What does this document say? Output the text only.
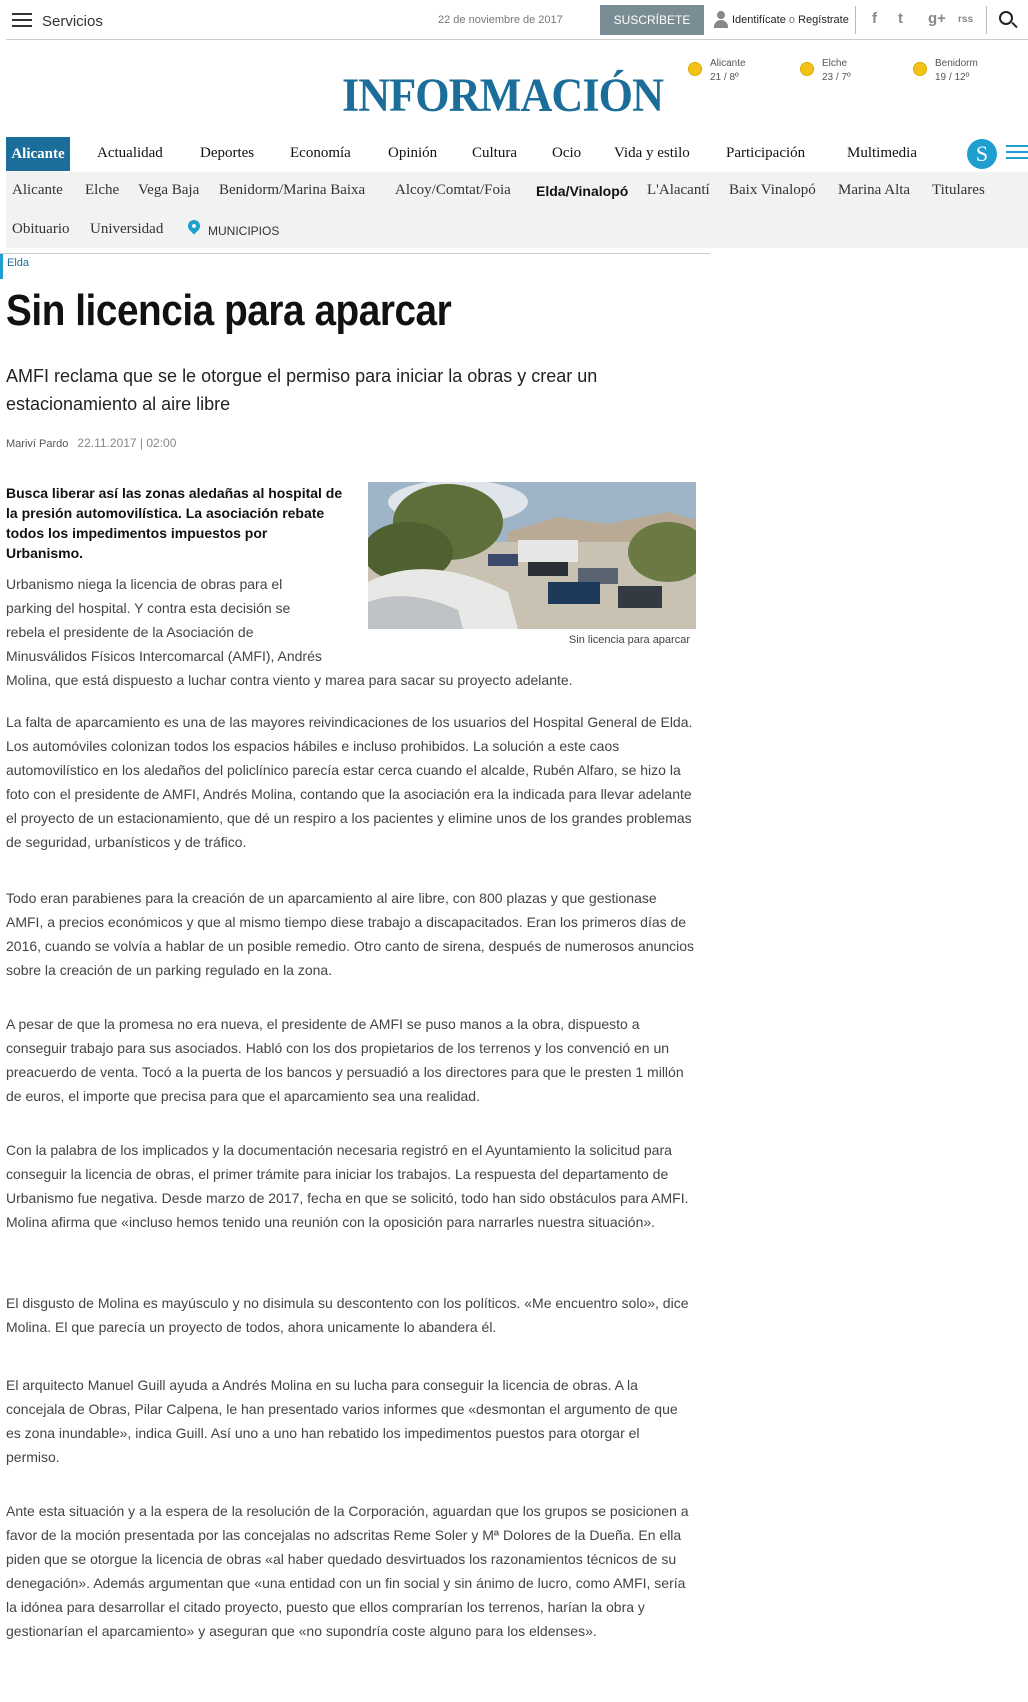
Servicios	22 de noviembre de 2017	SUSCRÍBETE	Identifícate o Regístrate f t g+ rss
INFORMACIÓN
Alicante
21 / 8º
Elche
23 / 7º
Benidorm
19 / 12º
Alicante	Actualidad Deportes Economía Opinión Cultura Ocio Vida y estilo Participación	Multimedia	S
Alicante Elche Vega Baja Benidorm/Marina Baixa Alcoy/Comtat/Foia Elda/Vinalopó L'Alacantí Baix Vinalopó Marina Alta Titulares
Obituario Universidad	MUNICIPIOS
Elda
Sin licencia para aparcar
AMFI reclama que se le otorgue el permiso para iniciar la obras y crear un estacionamiento al aire libre
Mariví Pardo 22.11.2017 | 02:00
Sin licencia para aparcar
Busca liberar así las zonas aledañas al hospital de la presión automovilística. La asociación rebate todos los impedimentos impuestos por Urbanismo.
Urbanismo niega la licencia de obras para el
parking del hospital. Y contra esta decisión se
rebela el presidente de la Asociación de
Minusválidos Físicos Intercomarcal (AMFI), Andrés
Molina, que está dispuesto a luchar contra viento y marea para sacar su proyecto adelante.

La falta de aparcamiento es una de las mayores reivindicaciones de los usuarios del Hospital General de Elda. Los automóviles colonizan todos los espacios hábiles e incluso prohibidos. La solución a este caos automovilístico en los aledaños del policlínico parecía estar cerca cuando el alcalde, Rubén Alfaro, se hizo la foto con el presidente de AMFI, Andrés Molina, contando que la asociación era la indicada para llevar adelante el proyecto de un estacionamiento, que dé un respiro a los pacientes y elimine unos de los grandes problemas de seguridad, urbanísticos y de tráfico.

Todo eran parabienes para la creación de un aparcamiento al aire libre, con 800 plazas y que gestionase AMFI, a precios económicos y que al mismo tiempo diese trabajo a discapacitados. Eran los primeros días de 2016, cuando se volvía a hablar de un posible remedio. Otro canto de sirena, después de numerosos anuncios sobre la creación de un parking regulado en la zona.

A pesar de que la promesa no era nueva, el presidente de AMFI se puso manos a la obra, dispuesto a conseguir trabajo para sus asociados. Habló con los dos propietarios de los terrenos y los convenció en un preacuerdo de venta. Tocó a la puerta de los bancos y persuadió a los directores para que le presten 1 millón de euros, el importe que precisa para que el aparcamiento sea una realidad.

Con la palabra de los implicados y la documentación necesaria registró en el Ayuntamiento la solicitud para conseguir la licencia de obras, el primer trámite para iniciar los trabajos. La respuesta del departamento de Urbanismo fue negativa. Desde marzo de 2017, fecha en que se solicitó, todo han sido obstáculos para AMFI. Molina afirma que «incluso hemos tenido una reunión con la oposición para narrarles nuestra situación».

El disgusto de Molina es mayúsculo y no disimula su descontento con los políticos. «Me encuentro solo», dice Molina. El que parecía un proyecto de todos, ahora unicamente lo abandera él.

El arquitecto Manuel Guill ayuda a Andrés Molina en su lucha para conseguir la licencia de obras. A la concejala de Obras, Pilar Calpena, le han presentado varios informes que «desmontan el argumento de que es zona inundable», indica Guill. Así uno a uno han rebatido los impedimentos puestos para otorgar el permiso.

Ante esta situación y a la espera de la resolución de la Corporación, aguardan que los grupos se posicionen a favor de la moción presentada por las concejalas no adscritas Reme Soler y Mª Dolores de la Dueña. En ella piden que se otorgue la licencia de obras «al haber quedado desvirtuados los razonamientos técnicos de su denegación». Además argumentan que «una entidad con un fin social y sin ánimo de lucro, como AMFI, sería la idónea para desarrollar el citado proyecto, puesto que ellos comprarían los terrenos, harían la obra y gestionarían el aparcamiento» y aseguran que «no supondría coste alguno para los eldenses».
